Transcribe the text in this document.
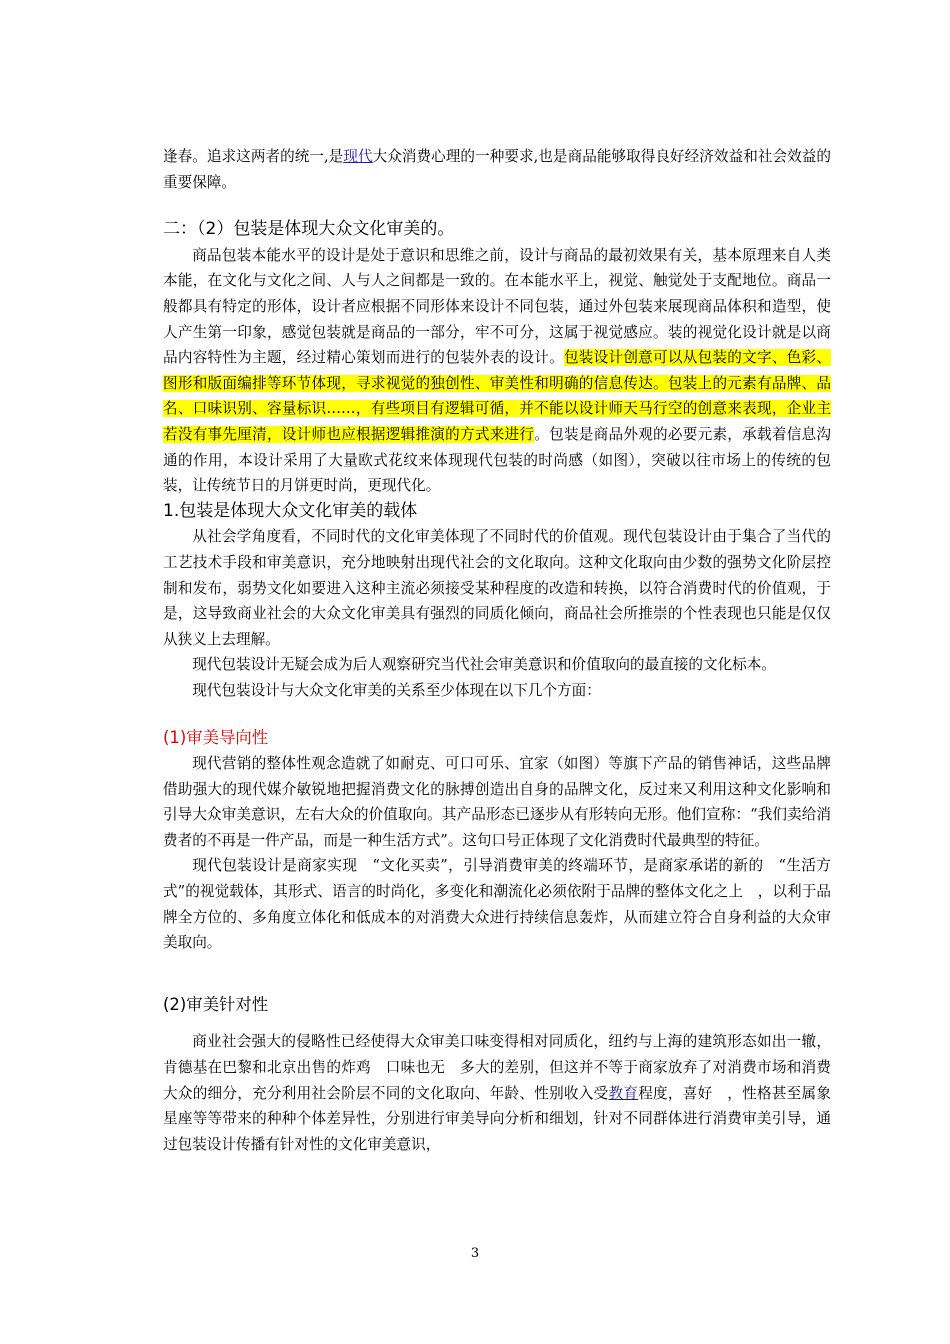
逢春。追求这两者的统一,是现代大众消费心理的一种要求,也是商品能够取得良好经济效益和社会效益的重要保障。

二：（2）包装是体现大众文化审美的。

商品包装本能水平的设计是处于意识和思维之前，设计与商品的最初效果有关，基本原理来自人类本能，在文化与文化之间、人与人之间都是一致的。在本能水平上，视觉、触觉处于支配地位。商品一般都具有特定的形体，设计者应根据不同形体来设计不同包装，通过外包装来展现商品体积和造型，使人产生第一印象，感觉包装就是商品的一部分，牢不可分，这属于视觉感应。装的视觉化设计就是以商品内容特性为主题，经过精心策划而进行的包装外表的设计。包装设计创意可以从包装的文字、色彩、图形和版面编排等环节体现，寻求视觉的独创性、审美性和明确的信息传达。包装上的元素有品牌、品名、口味识别、容量标识……，有些项目有逻辑可循，并不能以设计师天马行空的创意来表现，企业主若没有事先厘清，设计师也应根据逻辑推演的方式来进行。包装是商品外观的必要元素，承载着信息沟通的作用，本设计采用了大量欧式花纹来体现现代包装的时尚感（如图），突破以往市场上的传统的包装，让传统节日的月饼更时尚，更现代化。

1.包装是体现大众文化审美的载体

从社会学角度看，不同时代的文化审美体现了不同时代的价值观。现代包装设计由于集合了当代的工艺技术手段和审美意识，充分地映射出现代社会的文化取向。这种文化取向由少数的强势文化阶层控制和发布，弱势文化如要进入这种主流必须接受某种程度的改造和转换，以符合消费时代的价值观，于是，这导致商业社会的大众文化审美具有强烈的同质化倾向，商品社会所推崇的个性表现也只能是仅仅从狭义上去理解。

现代包装设计无疑会成为后人观察研究当代社会审美意识和价值取向的最直接的文化标本。

现代包装设计与大众文化审美的关系至少体现在以下几个方面：

(1)审美导向性

现代营销的整体性观念造就了如耐克、可口可乐、宜家（如图）等旗下产品的销售神话，这些品牌借助强大的现代媒介敏锐地把握消费文化的脉搏创造出自身的品牌文化，反过来又利用这种文化影响和引导大众审美意识，左右大众的价值取向。其产品形态已逐步从有形转向无形。他们宣称：“我们卖给消费者的不再是一件产品，而是一种生活方式”。这句口号正体现了文化消费时代最典型的特征。

现代包装设计是商家实现　“文化买卖”，引导消费审美的终端环节，是商家承诺的新的　“生活方式”的视觉载体，其形式、语言的时尚化，多变化和潮流化必须依附于品牌的整体文化之上　，以利于品牌全方位的、多角度立体化和低成本的对消费大众进行持续信息轰炸，从而建立符合自身利益的大众审美取向。

(2)审美针对性

商业社会强大的侵略性已经使得大众审美口味变得相对同质化，纽约与上海的建筑形态如出一辙，肯德基在巴黎和北京出售的炸鸡　口味也无　多大的差别，但这并不等于商家放弃了对消费市场和消费大众的细分，充分利用社会阶层不同的文化取向、年龄、性别收入受教育程度，喜好　，性格甚至属象星座等等带来的种种个体差异性，分别进行审美导向分析和细划，针对不同群体进行消费审美引导，通过包装设计传播有针对性的文化审美意识，

3
